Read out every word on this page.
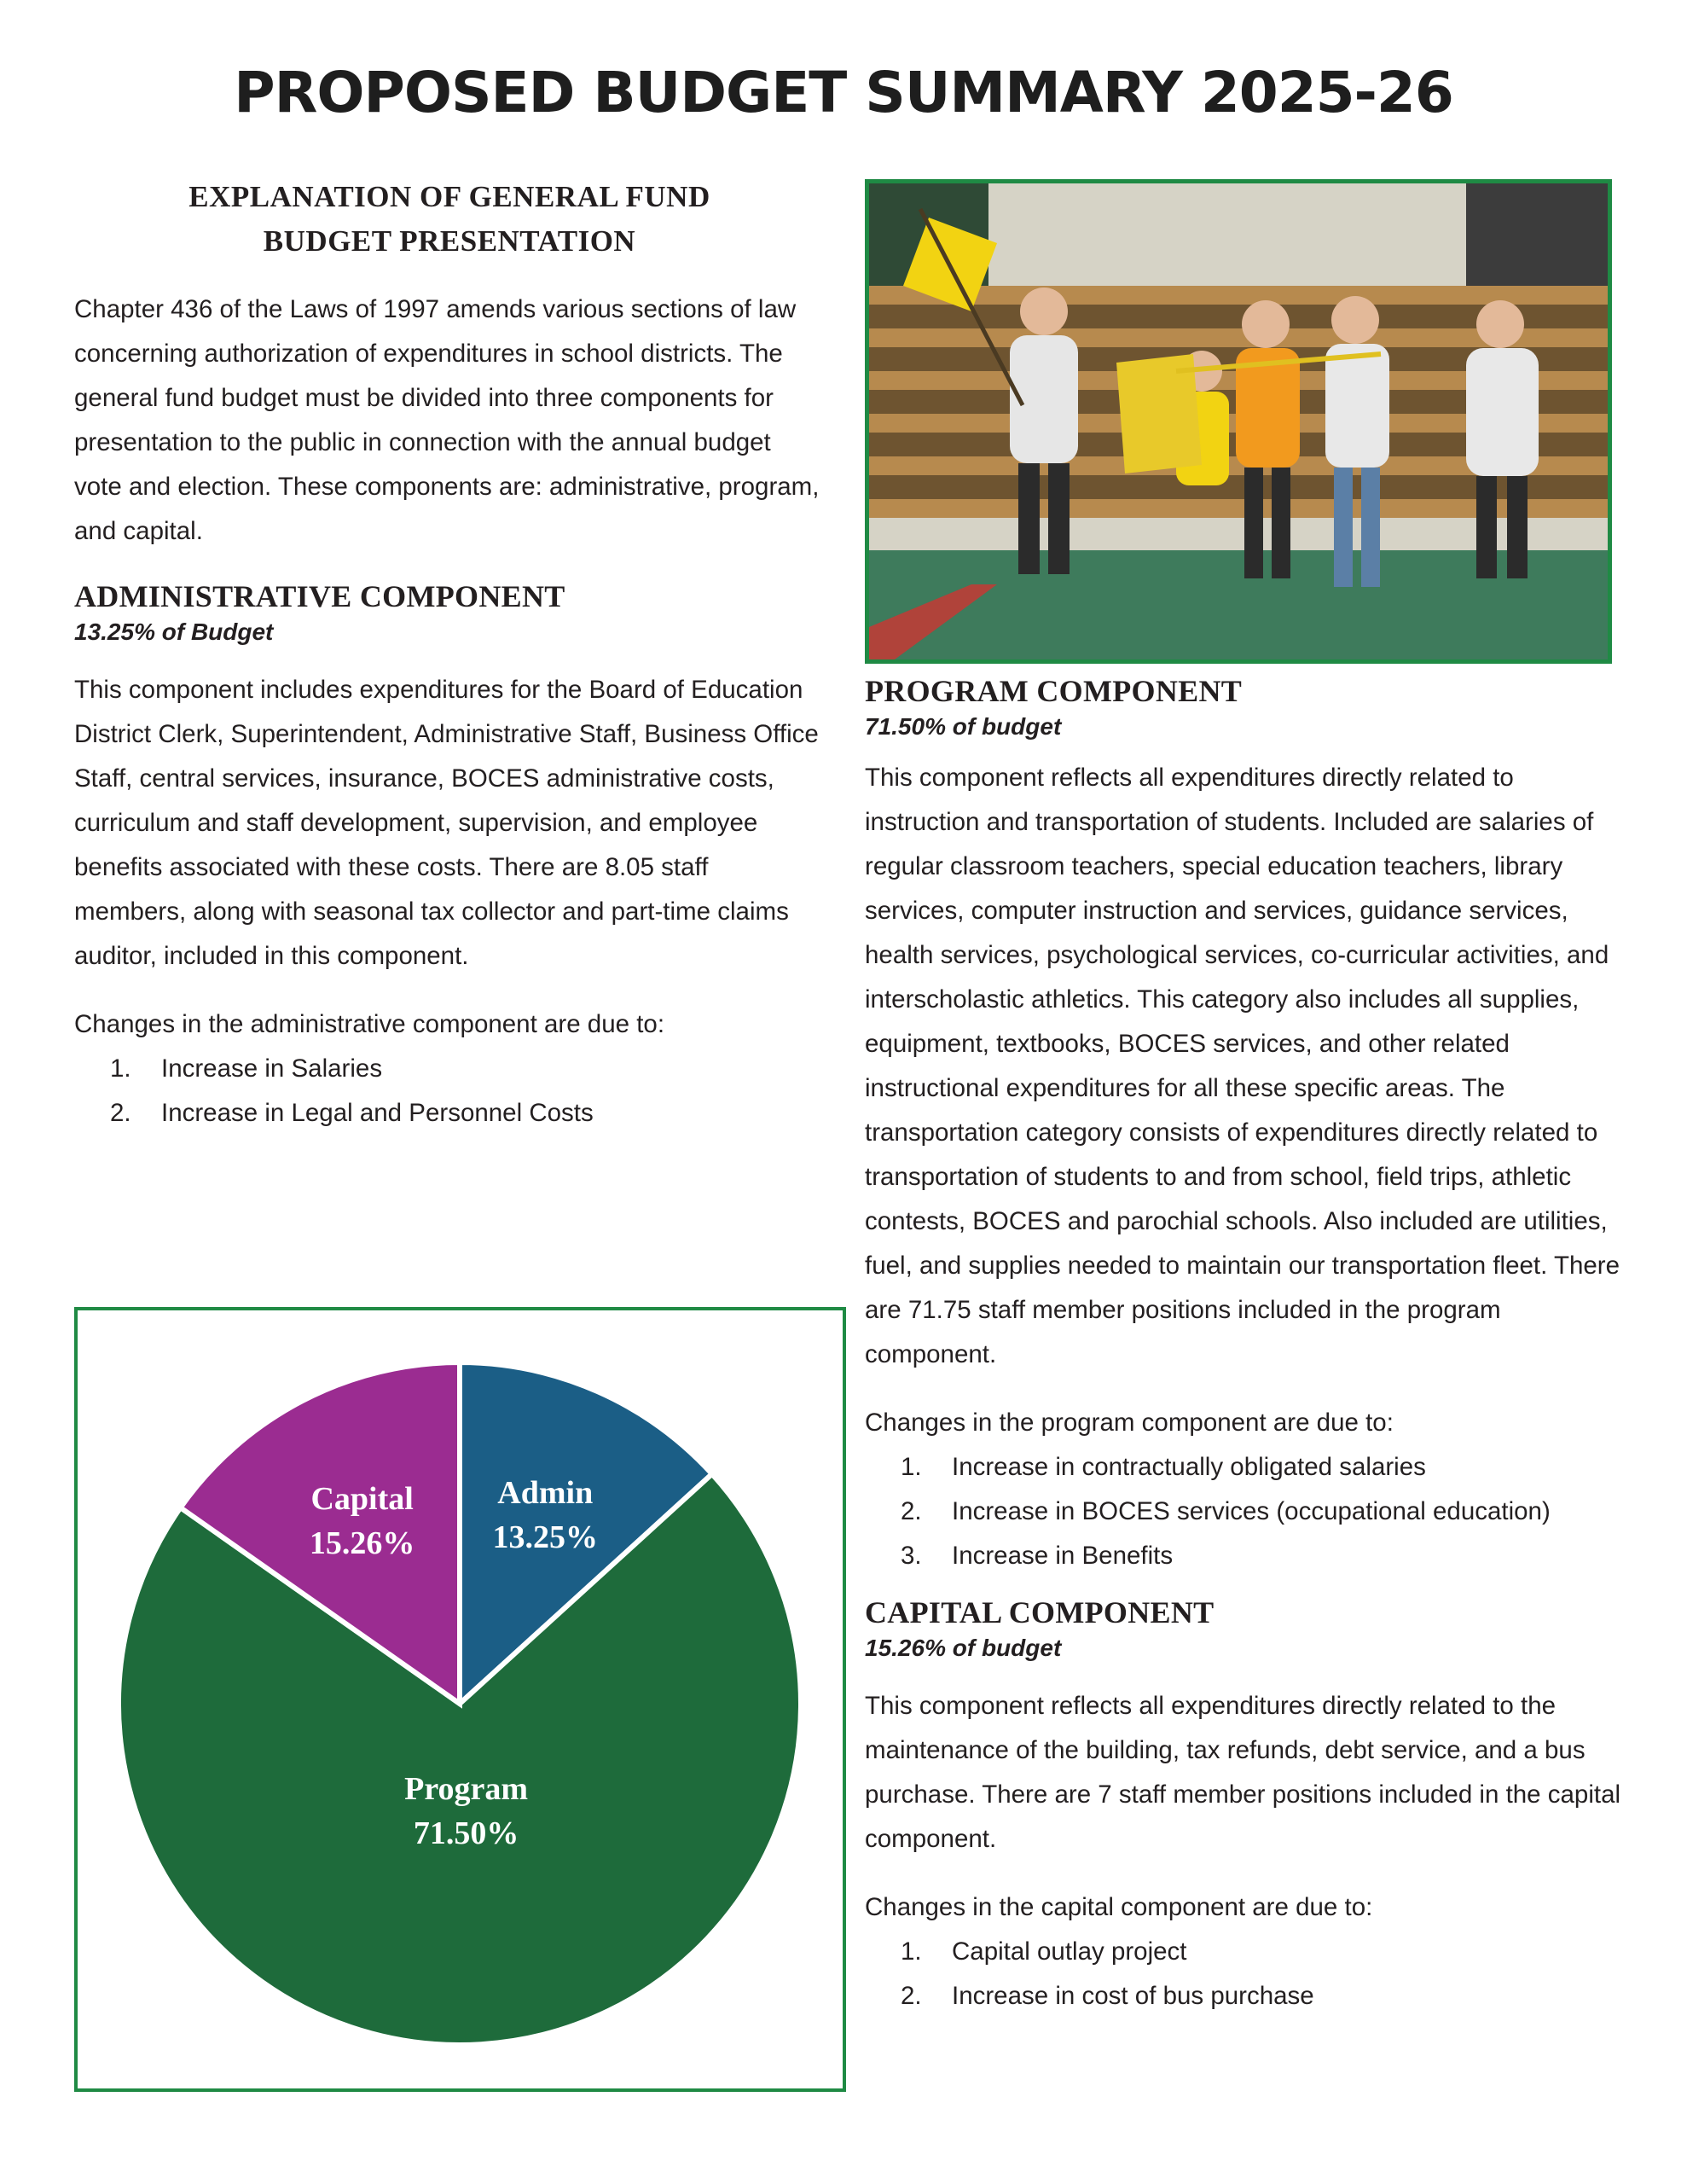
PROPOSED BUDGET SUMMARY 2025-26
EXPLANATION OF GENERAL FUND
BUDGET PRESENTATION

Chapter 436 of the Laws of 1997 amends various sections of law concerning authorization of expenditures in school districts. The general fund budget must be divided into three components for presentation to the public in connection with the annual budget vote and election. These components are: administrative, program, and capital.

ADMINISTRATIVE COMPONENT

13.25% of Budget

This component includes expenditures for the Board of Education District Clerk, Superintendent, Administrative Staff, Business Office Staff, central services, insurance, BOCES administrative costs, curriculum and staff development, supervision, and employee benefits associated with these costs. There are 8.05 staff members, along with seasonal tax collector and part-time claims auditor, included in this component.

Changes in the administrative component are due to:

1. Increase in Salaries
2. Increase in Legal and Personnel Costs
Admin
13.25%
Program
71.50%
Capital
15.26%
PROGRAM COMPONENT

71.50% of budget

This component reflects all expenditures directly related to instruction and transportation of students. Included are salaries of regular classroom teachers, special education teachers, library services, computer instruction and services, guidance services, health services, psychological services, co-curricular activities, and interscholastic athletics. This category also includes all supplies, equipment, textbooks, BOCES services, and other related instructional expenditures for all these specific areas. The transportation category consists of expenditures directly related to transportation of students to and from school, field trips, athletic contests, BOCES and parochial schools. Also included are utilities, fuel, and supplies needed to maintain our transportation fleet. There are 71.75 staff member positions included in the program component.

Changes in the program component are due to:

1. Increase in contractually obligated salaries
2. Increase in BOCES services (occupational education)
3. Increase in Benefits
CAPITAL COMPONENT

15.26% of budget

This component reflects all expenditures directly related to the maintenance of the building, tax refunds, debt service, and a bus purchase. There are 7 staff member positions included in the capital component.

Changes in the capital component are due to:

1. Capital outlay project
2. Increase in cost of bus purchase
